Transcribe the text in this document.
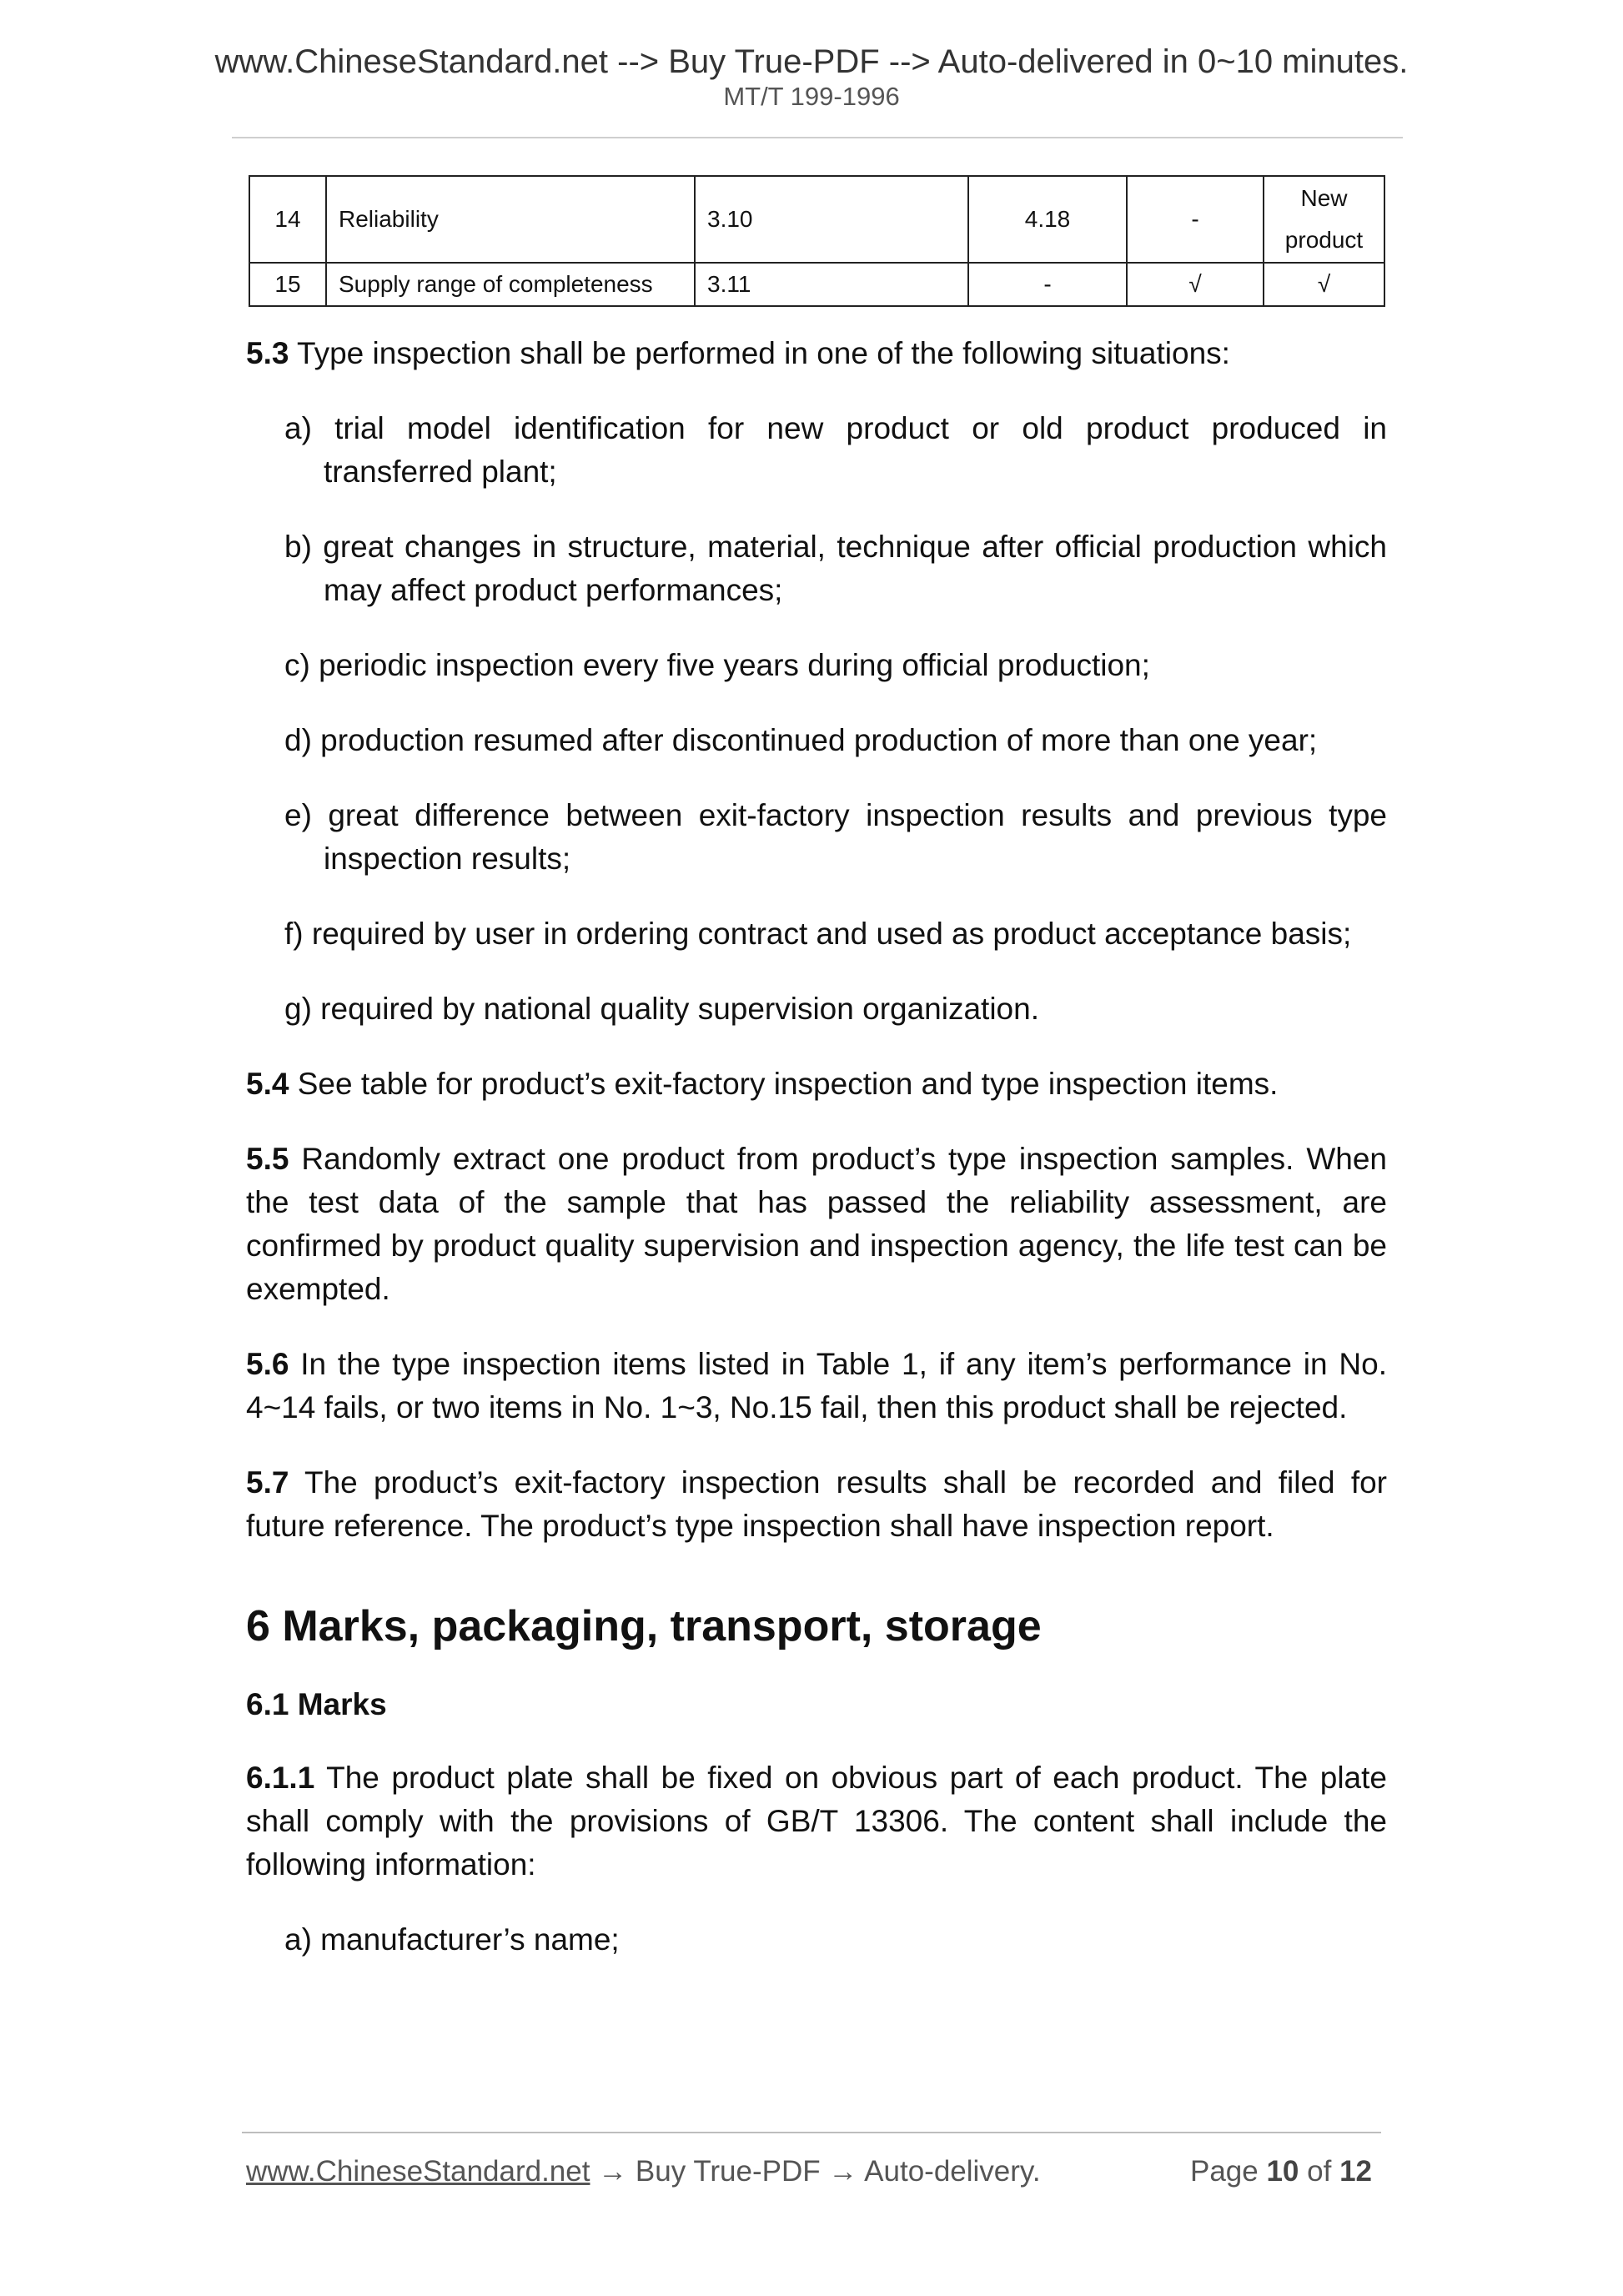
www.ChineseStandard.net --> Buy True-PDF --> Auto-delivered in 0~10 minutes.
MT/T 199-1996
14	Reliability	3.10	4.18	-	New
product
15	Supply range of completeness	3.11	-	√	√

5.3 Type inspection shall be performed in one of the following situations:

a) trial model identification for new product or old product produced in transferred plant;

b) great changes in structure, material, technique after official production which may affect product performances;

c) periodic inspection every five years during official production;

d) production resumed after discontinued production of more than one year;

e) great difference between exit-factory inspection results and previous type inspection results;

f) required by user in ordering contract and used as product acceptance basis;

g) required by national quality supervision organization.

5.4 See table for product’s exit-factory inspection and type inspection items.

5.5 Randomly extract one product from product’s type inspection samples. When the test data of the sample that has passed the reliability assessment, are confirmed by product quality supervision and inspection agency, the life test can be exempted.

5.6 In the type inspection items listed in Table 1, if any item’s performance in No. 4~14 fails, or two items in No. 1~3, No.15 fail, then this product shall be rejected.

5.7 The product’s exit-factory inspection results shall be recorded and filed for future reference. The product’s type inspection shall have inspection report.

6 Marks, packaging, transport, storage
6.1 Marks

6.1.1 The product plate shall be fixed on obvious part of each product. The plate shall comply with the provisions of GB/T 13306. The content shall include the following information:

a) manufacturer’s name;

www.ChineseStandard.net → Buy True-PDF → Auto-delivery.	Page 10 of 12
